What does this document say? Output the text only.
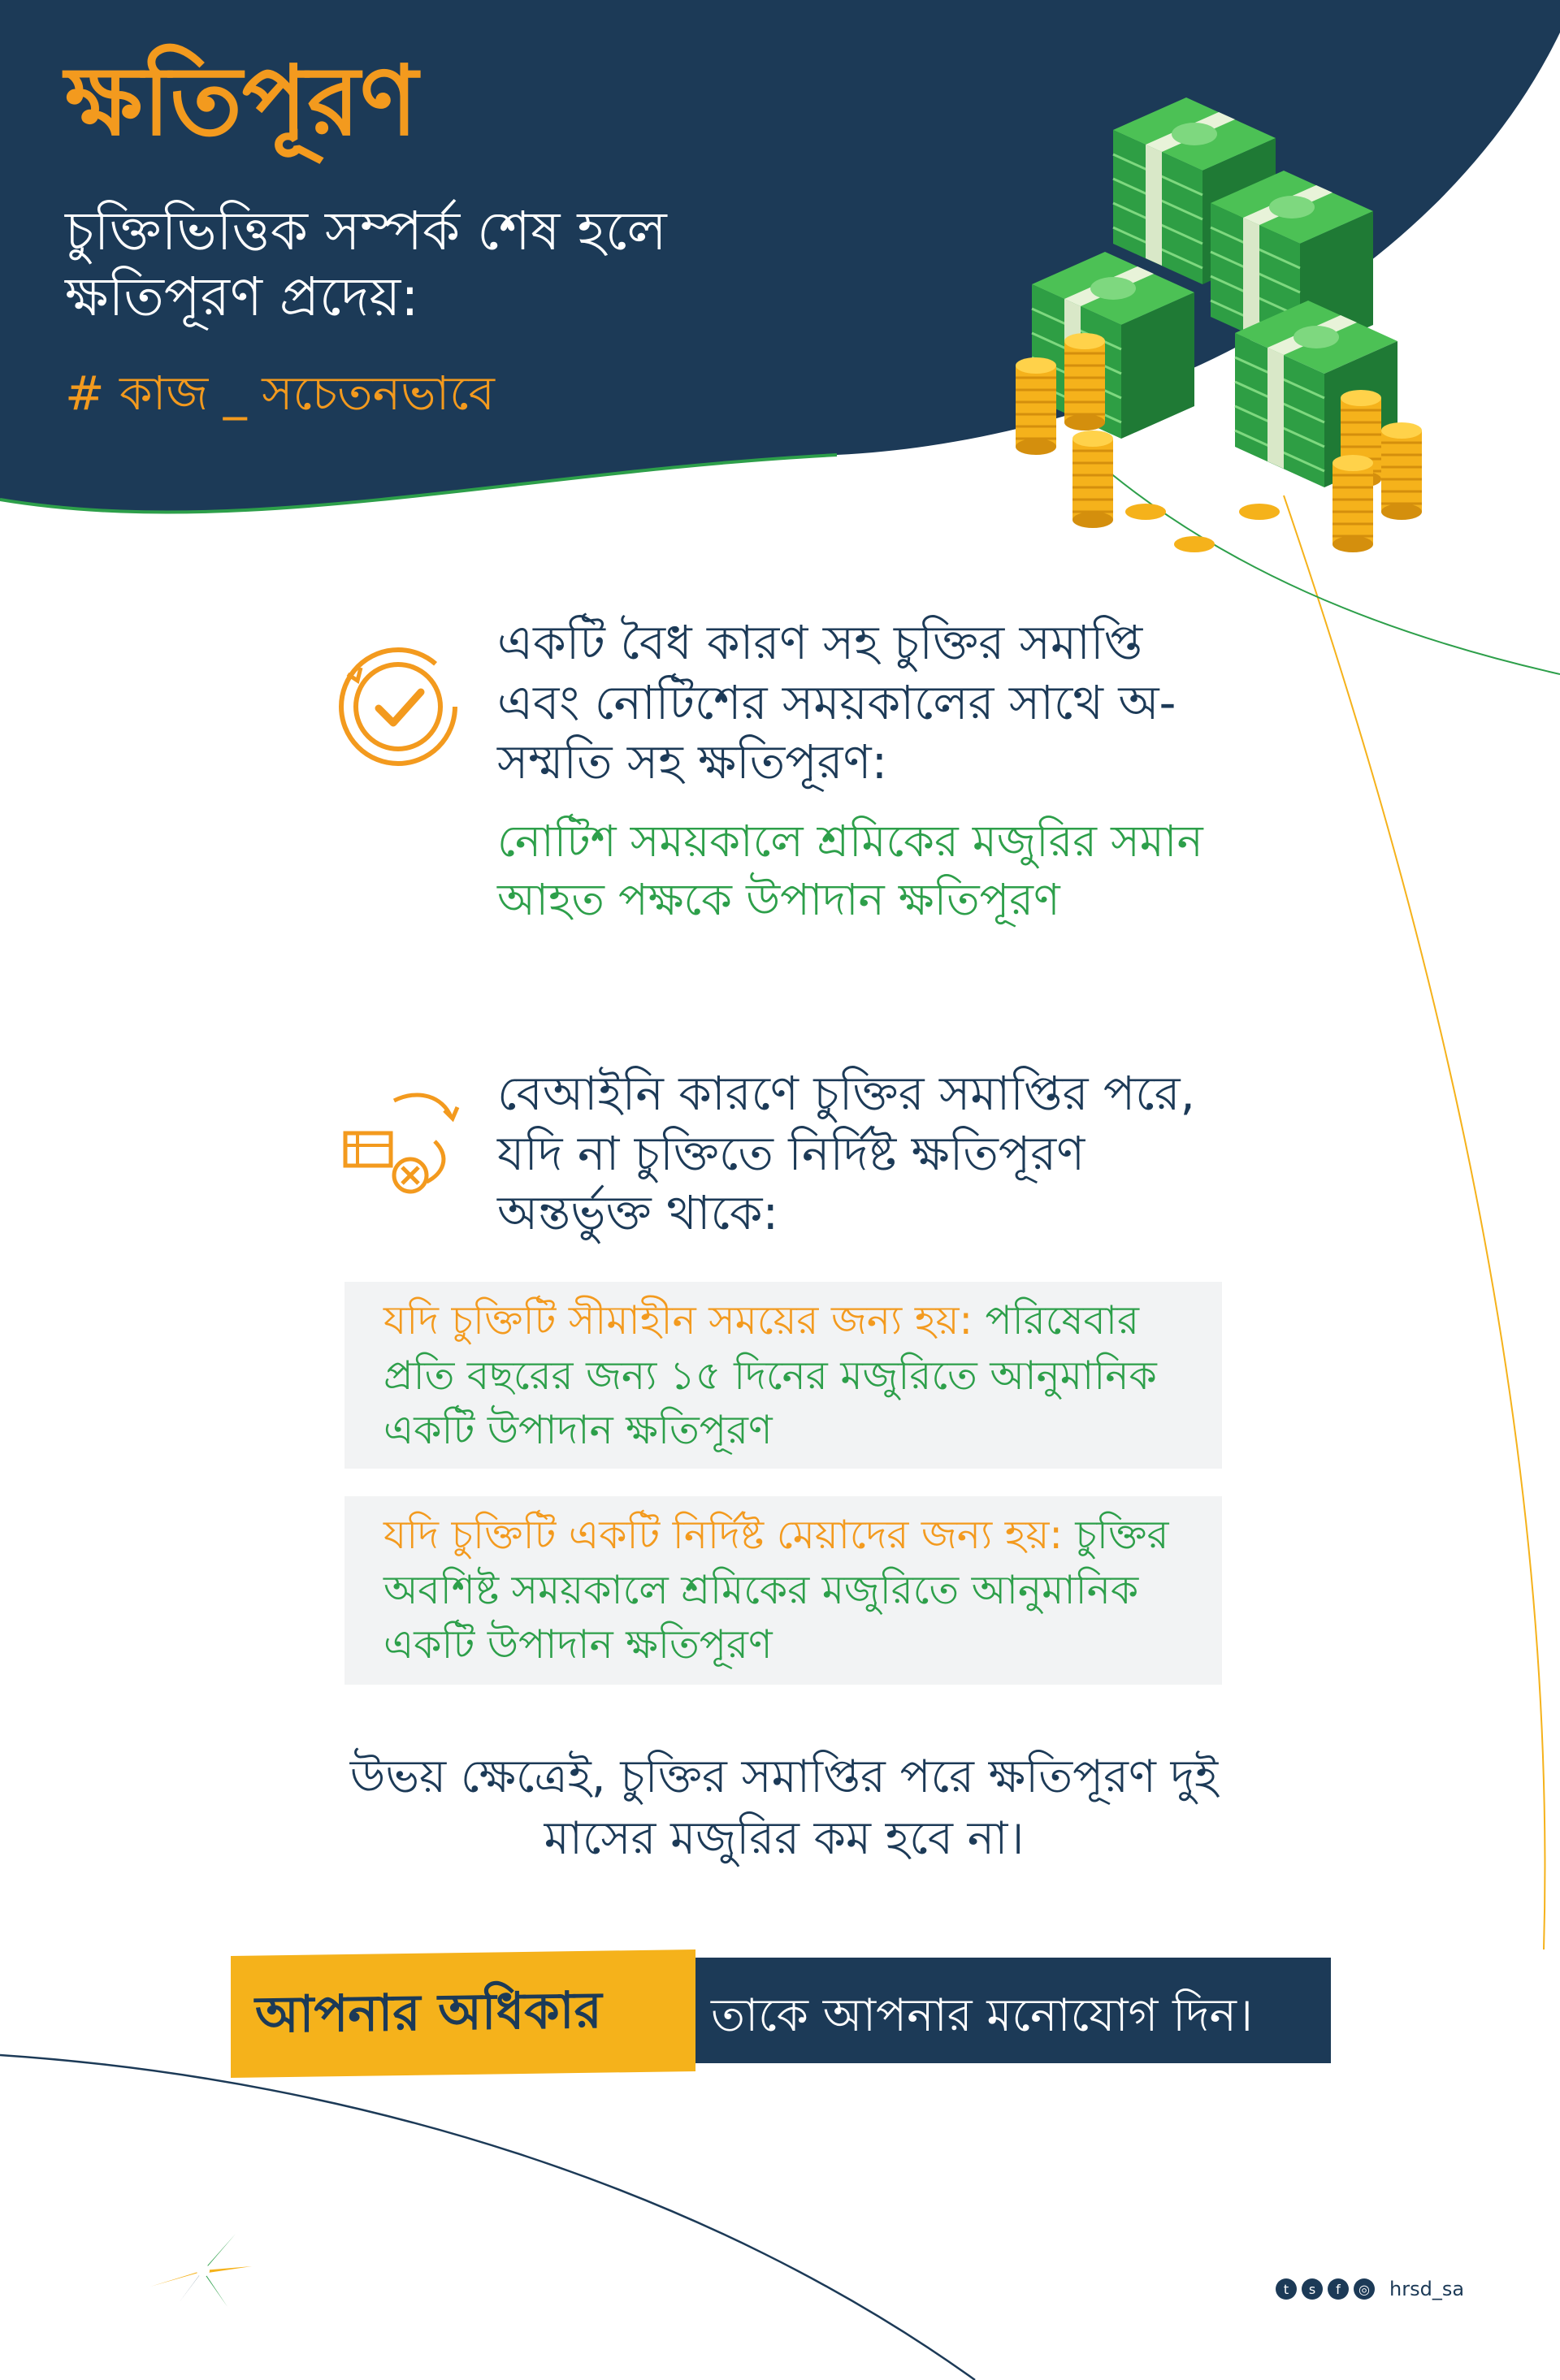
ক্ষতিপূরণ
চুক্তিভিত্তিক সম্পর্ক শেষ হলে ক্ষতিপূরণ প্রদেয়:
# কাজ _ সচেতনভাবে
একটি বৈধ কারণ সহ চুক্তির সমাপ্তি এবং নোটিশের সময়কালের সাথে অ-সম্মতি সহ ক্ষতিপূরণ:
নোটিশ সময়কালে শ্রমিকের মজুরির সমান আহত পক্ষকে উপাদান ক্ষতিপূরণ
বেআইনি কারণে চুক্তির সমাপ্তির পরে, যদি না চুক্তিতে নির্দিষ্ট ক্ষতিপূরণ অন্তর্ভুক্ত থাকে:
যদি চুক্তিটি সীমাহীন সময়ের জন্য হয়: পরিষেবার প্রতি বছরের জন্য ১৫ দিনের মজুরিতে আনুমানিক একটি উপাদান ক্ষতিপূরণ
যদি চুক্তিটি একটি নির্দিষ্ট মেয়াদের জন্য হয়: চুক্তির অবশিষ্ট সময়কালে শ্রমিকের মজুরিতে আনুমানিক একটি উপাদান ক্ষতিপূরণ
উভয় ক্ষেত্রেই, চুক্তির সমাপ্তির পরে ক্ষতিপূরণ দুই মাসের মজুরির কম হবে না।
তাকে আপনার মনোযোগ দিন।
আপনার অধিকার
t	s	f	◎ hrsd_sa
